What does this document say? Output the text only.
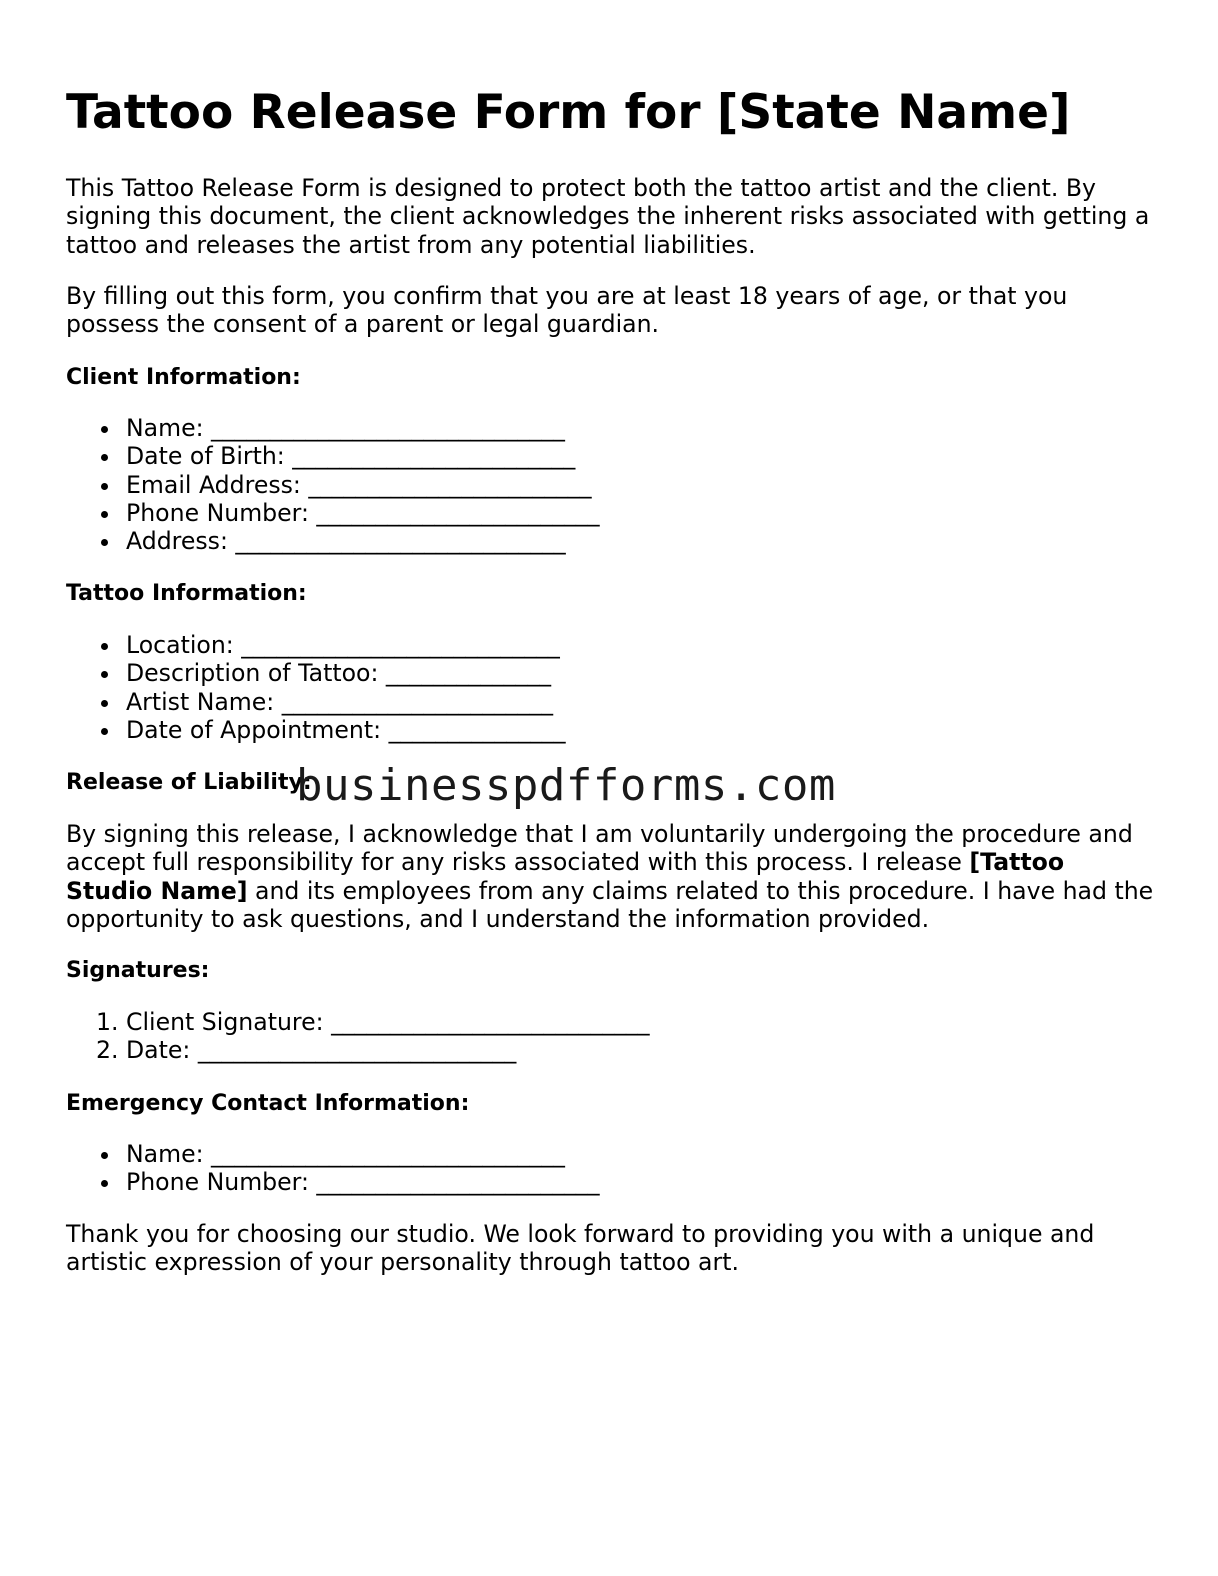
Tattoo Release Form for [State Name]

This Tattoo Release Form is designed to protect both the tattoo artist and the client. By signing this document, the client acknowledges the inherent risks associated with getting a tattoo and releases the artist from any potential liabilities.

By filling out this form, you confirm that you are at least 18 years of age, or that you possess the consent of a parent or legal guardian.

Client Information:
Name: ______________________________
Date of Birth: ________________________
Email Address: ________________________
Phone Number: ________________________
Address: ____________________________
Tattoo Information:
Location: ___________________________
Description of Tattoo: ______________
Artist Name: _______________________
Date of Appointment: _______________
Release of Liability:

By signing this release, I acknowledge that I am voluntarily undergoing the procedure and accept full responsibility for any risks associated with this process. I release [Tattoo Studio Name] and its employees from any claims related to this procedure. I have had the opportunity to ask questions, and I understand the information provided.

Signatures:
1. Client Signature: ___________________________
2. Date: ___________________________
Emergency Contact Information:
Name: ______________________________
Phone Number: ________________________

Thank you for choosing our studio. We look forward to providing you with a unique and artistic expression of your personality through tattoo art.

businesspdfforms.com
